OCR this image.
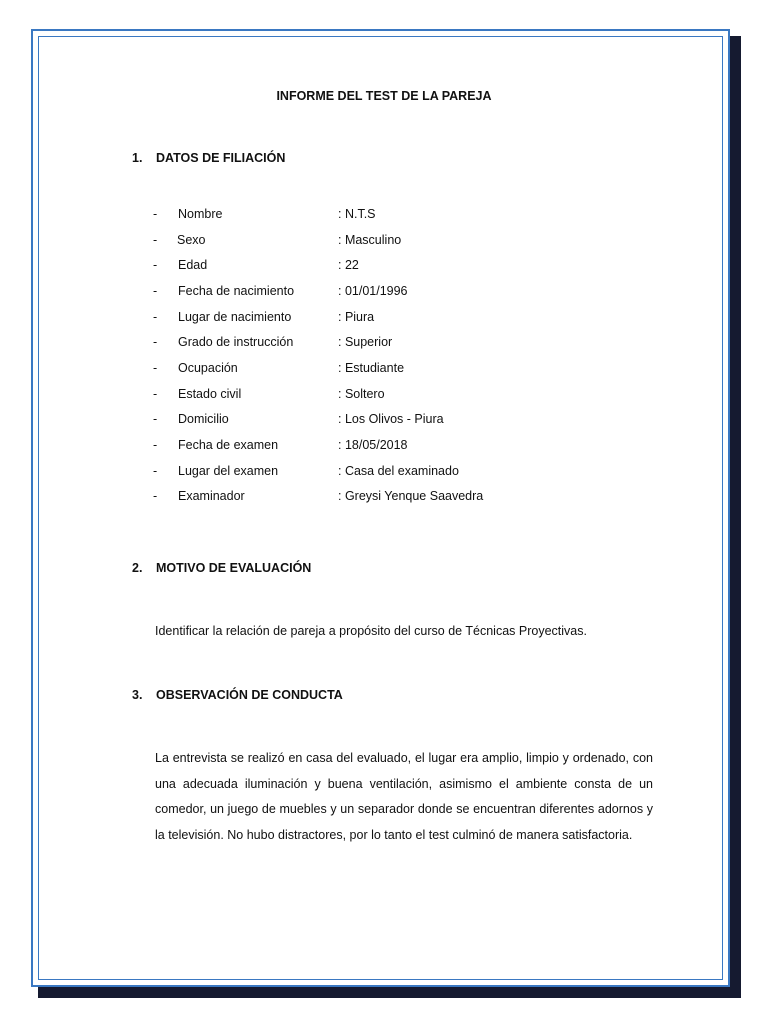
INFORME DEL TEST DE LA PAREJA
1. DATOS DE FILIACIÓN
- Nombre	: N.T.S
- Sexo	: Masculino
- Edad	: 22
- Fecha de nacimiento	: 01/01/1996
- Lugar de nacimiento	: Piura
- Grado de instrucción	: Superior
- Ocupación	: Estudiante
- Estado civil	: Soltero
- Domicilio	: Los Olivos - Piura
- Fecha de examen	: 18/05/2018
- Lugar del examen	: Casa del examinado
- Examinador	: Greysi Yenque Saavedra
2. MOTIVO DE EVALUACIÓN
Identificar la relación de pareja a propósito del curso de Técnicas Proyectivas.
3. OBSERVACIÓN DE CONDUCTA
La entrevista se realizó en casa del evaluado, el lugar era amplio, limpio y ordenado, con una adecuada iluminación y buena ventilación, asimismo el ambiente consta de un comedor, un juego de muebles y un separador donde se encuentran diferentes adornos y la televisión. No hubo distractores, por lo tanto el test culminó de manera satisfactoria.
